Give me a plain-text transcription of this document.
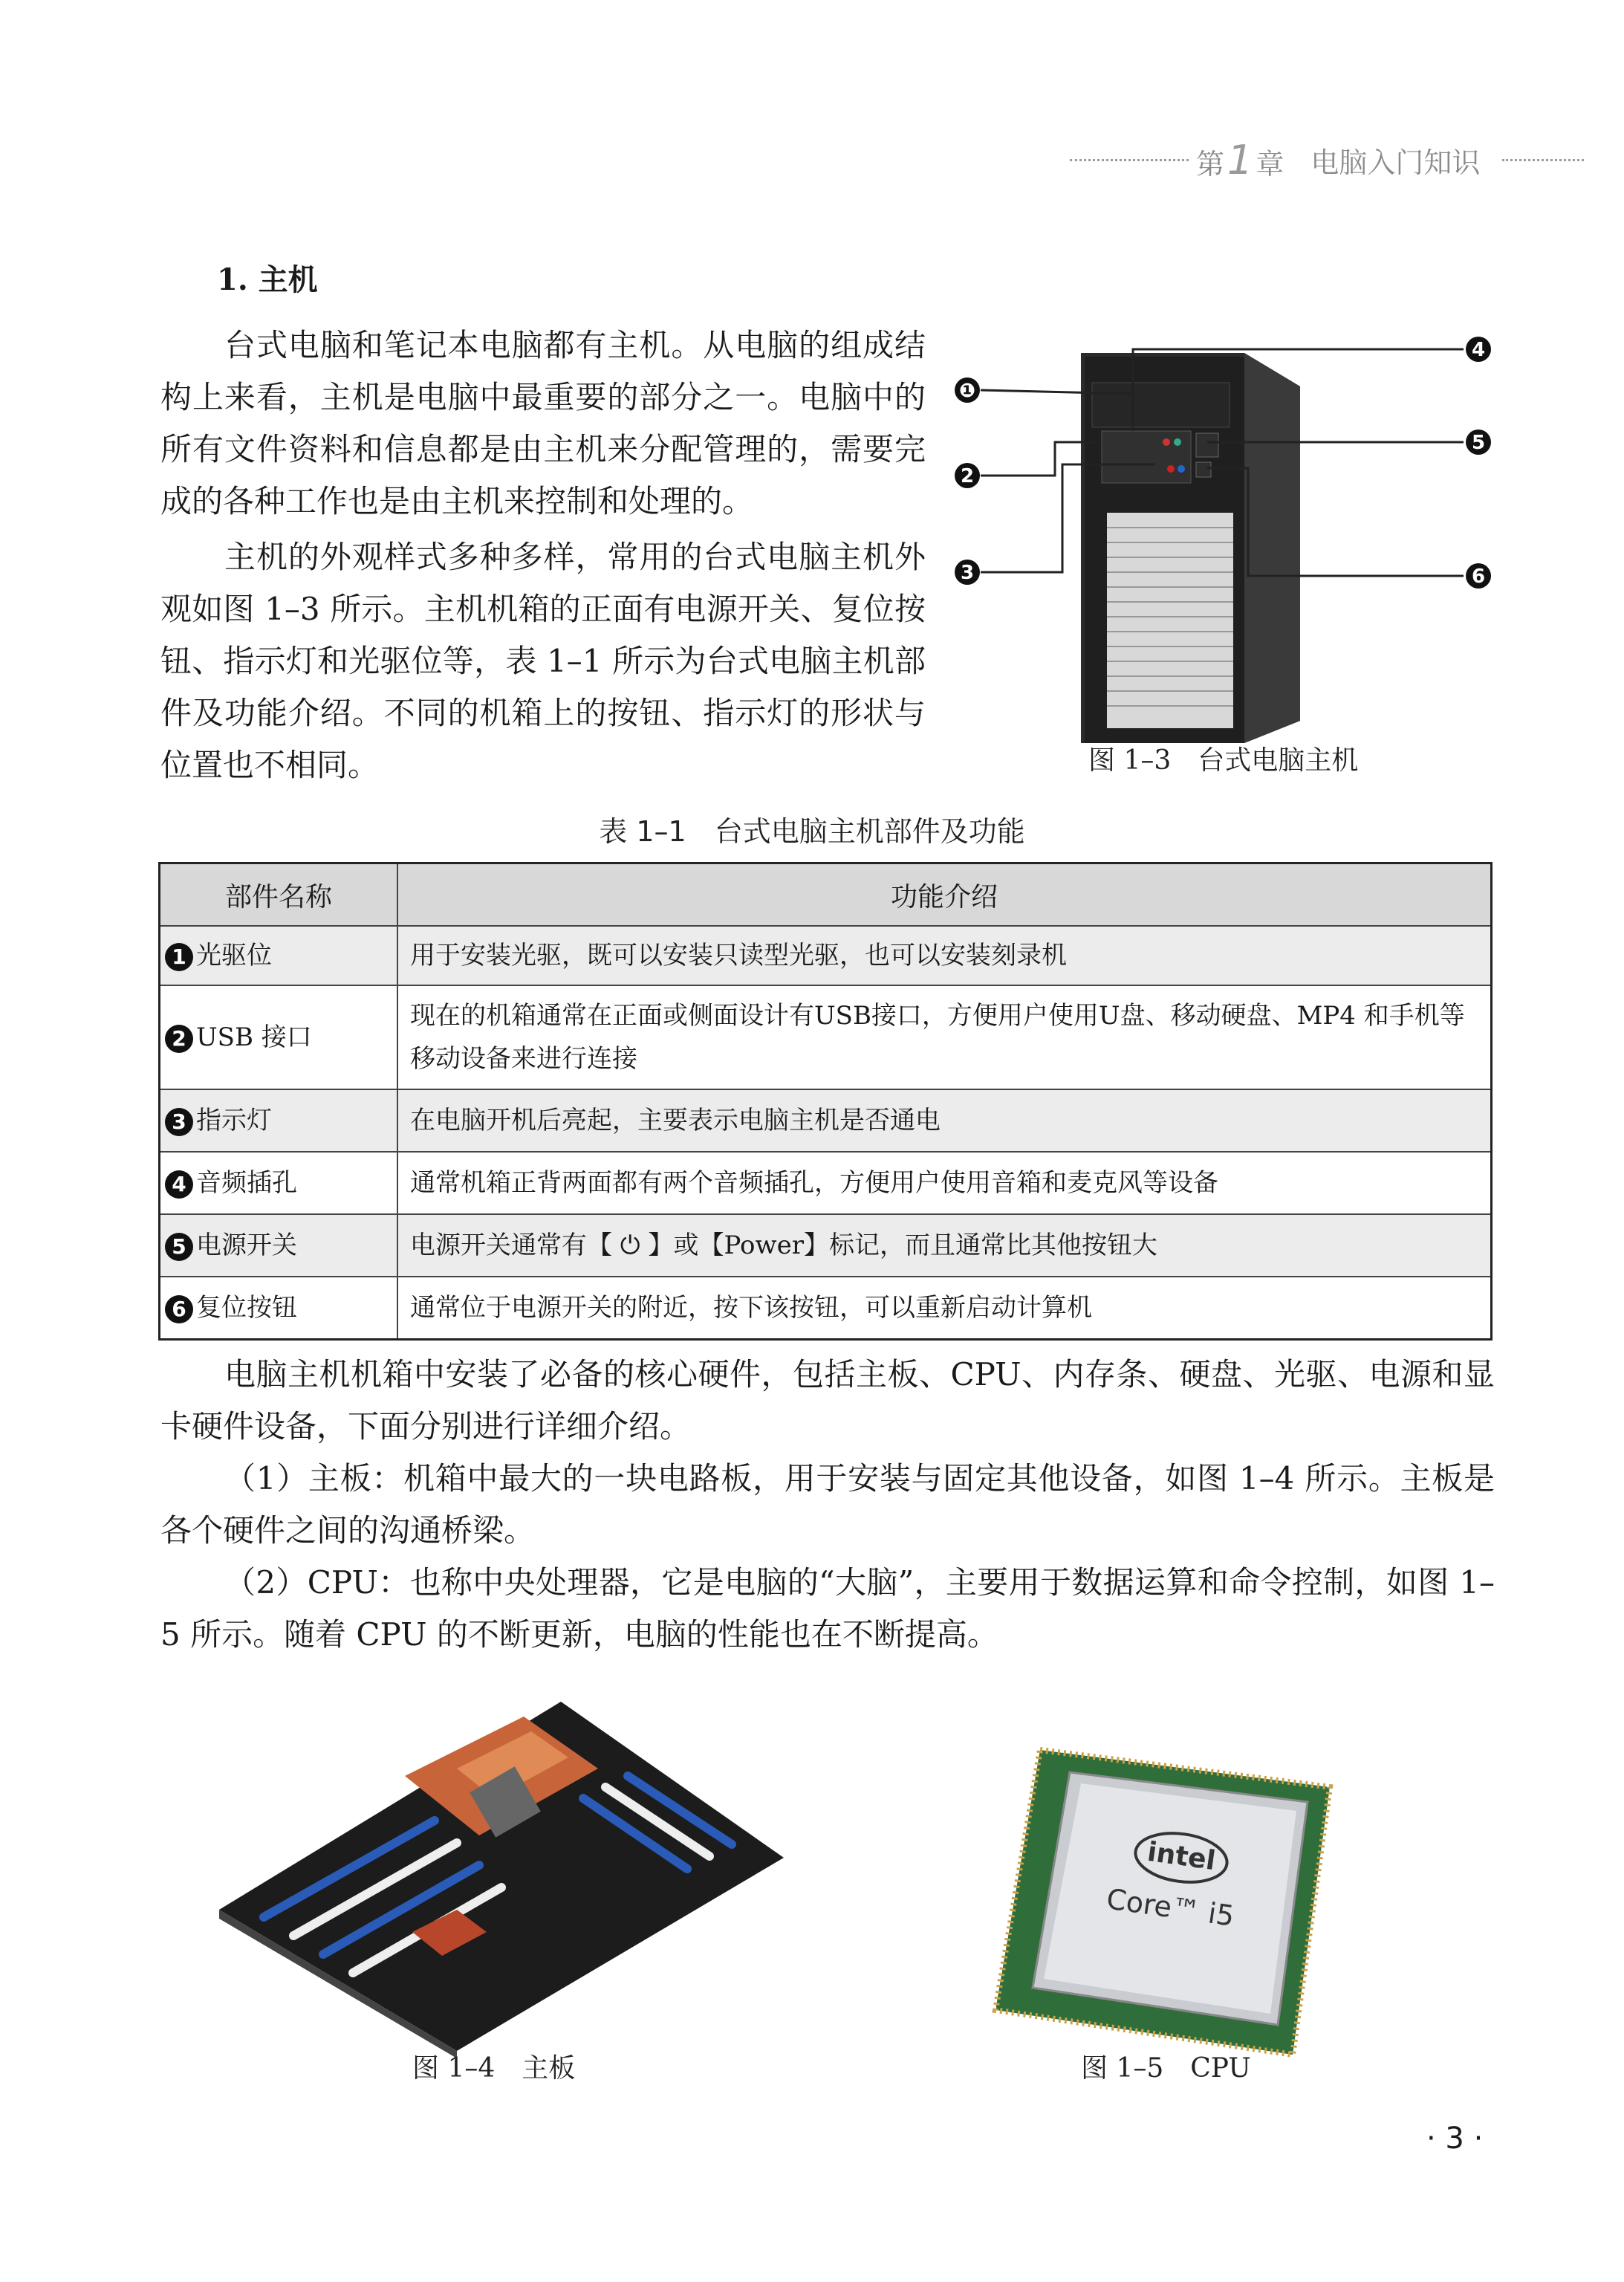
第1 章 电脑入门知识
1. 主机
台式电脑和笔记本电脑都有主机。从电脑的组成结构上来看，主机是电脑中最重要的部分之一。电脑中的所有文件资料和信息都是由主机来分配管理的，需要完成的各种工作也是由主机来控制和处理的。
主机的外观样式多种多样，常用的台式电脑主机外观如图 1–3 所示。主机机箱的正面有电源开关、复位按钮、指示灯和光驱位等，表 1–1 所示为台式电脑主机部件及功能介绍。不同的机箱上的按钮、指示灯的形状与位置也不相同。
❶
2
3
4
5
6
图 1–3　台式电脑主机
表 1–1　台式电脑主机部件及功能
部件名称	功能介绍
1 光驱位	用于安装光驱，既可以安装只读型光驱，也可以安装刻录机
2 USB 接口	现在的机箱通常在正面或侧面设计有USB接口，方便用户使用U盘、移动硬盘、MP4 和手机等移动设备来进行连接
3 指示灯	在电脑开机后亮起，主要表示电脑主机是否通电
4 音频插孔	通常机箱正背两面都有两个音频插孔，方便用户使用音箱和麦克风等设备
5 电源开关	电源开关通常有【 ⏻ 】或【Power】标记，而且通常比其他按钮大
6 复位按钮	通常位于电源开关的附近，按下该按钮，可以重新启动计算机
电脑主机机箱中安装了必备的核心硬件，包括主板、CPU、内存条、硬盘、光驱、电源和显卡硬件设备，下面分别进行详细介绍。
（1）主板：机箱中最大的一块电路板，用于安装与固定其他设备，如图 1–4 所示。主板是各个硬件之间的沟通桥梁。
（2）CPU：也称中央处理器，它是电脑的“大脑”，主要用于数据运算和命令控制，如图 1–5 所示。随着 CPU 的不断更新，电脑的性能也在不断提高。
图 1–4　主板
intel
Core™ i5
图 1–5　CPU
· 3 ·
